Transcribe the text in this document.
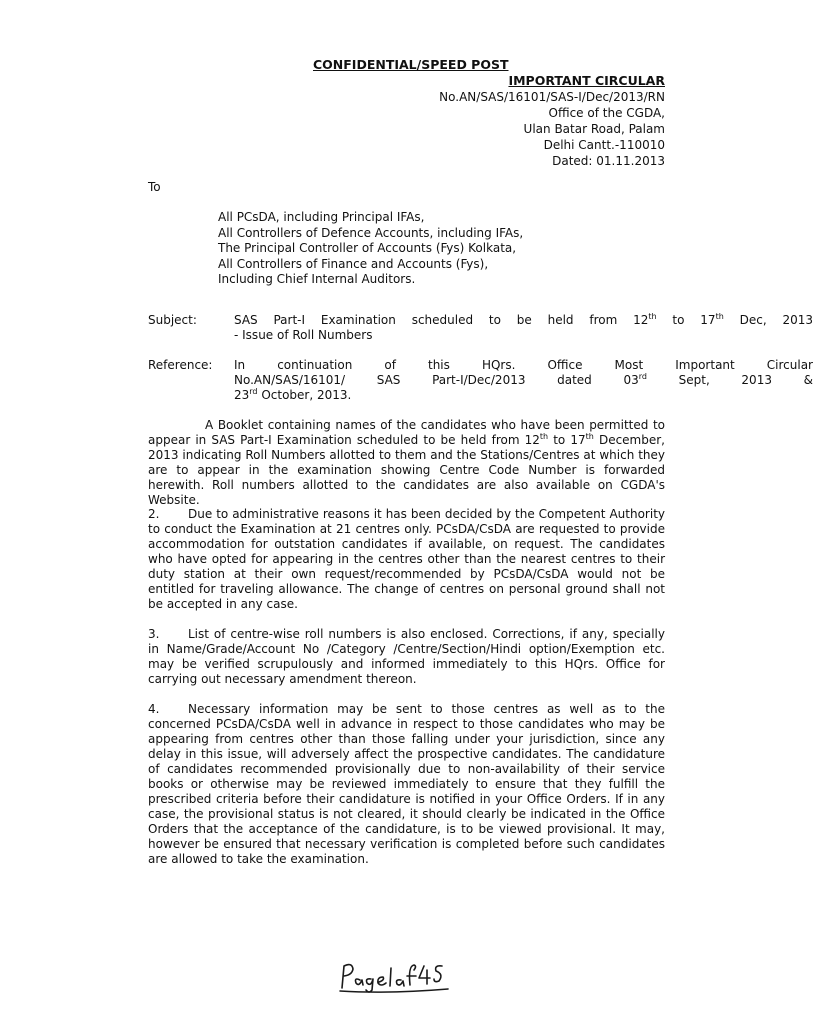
CONFIDENTIAL/SPEED POST
IMPORTANT CIRCULAR
No.AN/SAS/16101/SAS-I/Dec/2013/RN
Office of the CGDA,
Ulan Batar Road, Palam
Delhi Cantt.-110010
Dated: 01.11.2013
To
All PCsDA, including Principal IFAs,
All Controllers of Defence Accounts, including IFAs,
The Principal Controller of Accounts (Fys) Kolkata,
All Controllers of Finance and Accounts (Fys),
Including Chief Internal Auditors.
Subject:	SAS Part-I Examination scheduled to be held from 12th to 17th Dec, 2013
- Issue of Roll Numbers
Reference:	In continuation of this HQrs. Office Most Important Circular
No.AN/SAS/16101/ SAS Part-I/Dec/2013 dated 03rd Sept, 2013 &
23rd October, 2013.
A Booklet containing names of the candidates who have been permitted to appear in SAS Part-I Examination scheduled to be held from 12th to 17th December, 2013 indicating Roll Numbers allotted to them and the Stations/Centres at which they are to appear in the examination showing Centre Code Number is forwarded herewith. Roll numbers allotted to the candidates are also available on CGDA's Website.
2. Due to administrative reasons it has been decided by the Competent Authority to conduct the Examination at 21 centres only. PCsDA/CsDA are requested to provide accommodation for outstation candidates if available, on request. The candidates who have opted for appearing in the centres other than the nearest centres to their duty station at their own request/recommended by PCsDA/CsDA would not be entitled for traveling allowance. The change of centres on personal ground shall not be accepted in any case.
3. List of centre-wise roll numbers is also enclosed. Corrections, if any, specially in Name/Grade/Account No /Category /Centre/Section/Hindi option/Exemption etc. may be verified scrupulously and informed immediately to this HQrs. Office for carrying out necessary amendment thereon.
4. Necessary information may be sent to those centres as well as to the concerned PCsDA/CsDA well in advance in respect to those candidates who may be appearing from centres other than those falling under your jurisdiction, since any delay in this issue, will adversely affect the prospective candidates. The candidature of candidates recommended provisionally due to non-availability of their service books or otherwise may be reviewed immediately to ensure that they fulfill the prescribed criteria before their candidature is notified in your Office Orders. If in any case, the provisional status is not cleared, it should clearly be indicated in the Office Orders that the acceptance of the candidature, is to be viewed provisional. It may, however be ensured that necessary verification is completed before such candidates are allowed to take the examination.
